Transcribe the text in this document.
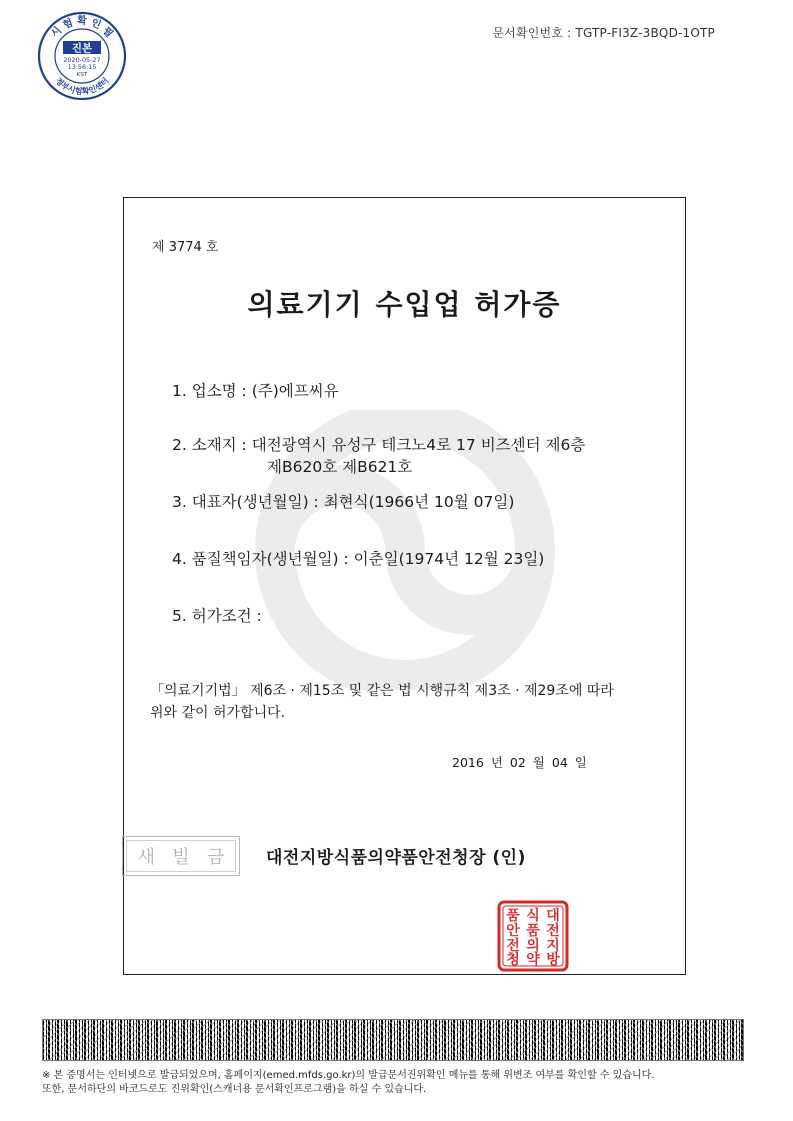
문서확인번호 : TGTP-FI3Z-3BQD-1OTP
시 험 확 인 필
정부시험확인센터
진본
2020-05-27
13:56:15
KST
제 3774 호
의료기기 수입업 허가증
1. 업소명 : (주)에프씨유
2. 소재지 : 대전광역시 유성구 테크노4로 17 비즈센터 제6층
제B620호 제B621호
3. 대표자(생년월일) : 최현식(1966년 10월 07일)
4. 품질책임자(생년월일) : 이춘일(1974년 12월 23일)
5. 허가조건 :
「의료기기법」 제6조 · 제15조 및 같은 법 시행규칙 제3조 · 제29조에 따라
위와 같이 허가합니다.
2016 년 02 월 04 일
새 빌 금 대전지방식품의약품안전청장 (인)
대
전
지
방
식
품
의
약
품
안
전
청
※ 본 증명서는 인터넷으로 발급되었으며, 홈페이지(emed.mfds.go.kr)의 발급문서진위확인 메뉴를 통해 위변조 여부를 확인할 수 있습니다.
또한, 문서하단의 바코드로도 진위확인(스캐너용 문서확인프로그램)을 하실 수 있습니다.
